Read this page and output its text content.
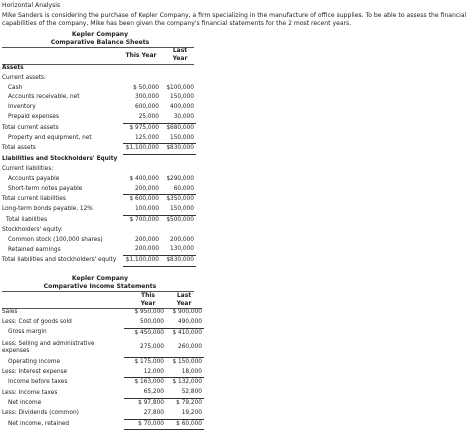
Horizontal Analysis
Mike Sanders is considering the purchase of Kepler Company, a firm specializing in the manufacture of office supplies. To be able to assess the financial capabilities of the company, Mike has been given the company's financial statements for the 2 most recent years.

Kepler Company
Comparative Balance Sheets
This Year
Last
Year
Assets		
Current assets:		
Cash	$ 50,000	$100,000
Accounts receivable, net	300,000	150,000
Inventory	600,000	400,000
Prepaid expenses	25,000	30,000
Total current assets	$ 975,000	$680,000
Property and equipment, net	125,000	150,000
Total assets	$1,100,000	$830,000
Liabilities and Stockholders' Equity		
Current liabilities:		
Accounts payable	$ 400,000	$290,000
Short-term notes payable	200,000	60,000
Total current liabilities	$ 600,000	$350,000
Long-term bonds payable, 12%	100,000	150,000
Total liabilities	$ 700,000	$500,000
Stockholders' equity:		
Common stock (100,000 shares)	200,000	200,000
Retained earnings	200,000	130,000
Total liabilities and stockholders' equity	$1,100,000	$830,000
Kepler Company
Comparative Income Statements
This
Year
Last
Year
Sales	$ 950,000	$ 900,000
Less: Cost of goods sold	500,000	490,000
Gross margin	$ 450,000	$ 410,000
Less: Selling and administrative expenses	275,000	260,000
Operating income	$ 175,000	$ 150,000
Less: Interest expense	12,000	18,000
Income before taxes	$ 163,000	$ 132,000
Less: Income taxes	65,200	52,800
Net income	$ 97,800	$ 79,200
Less: Dividends (common)	27,800	19,200
Net income, retained	$ 70,000	$ 60,000
